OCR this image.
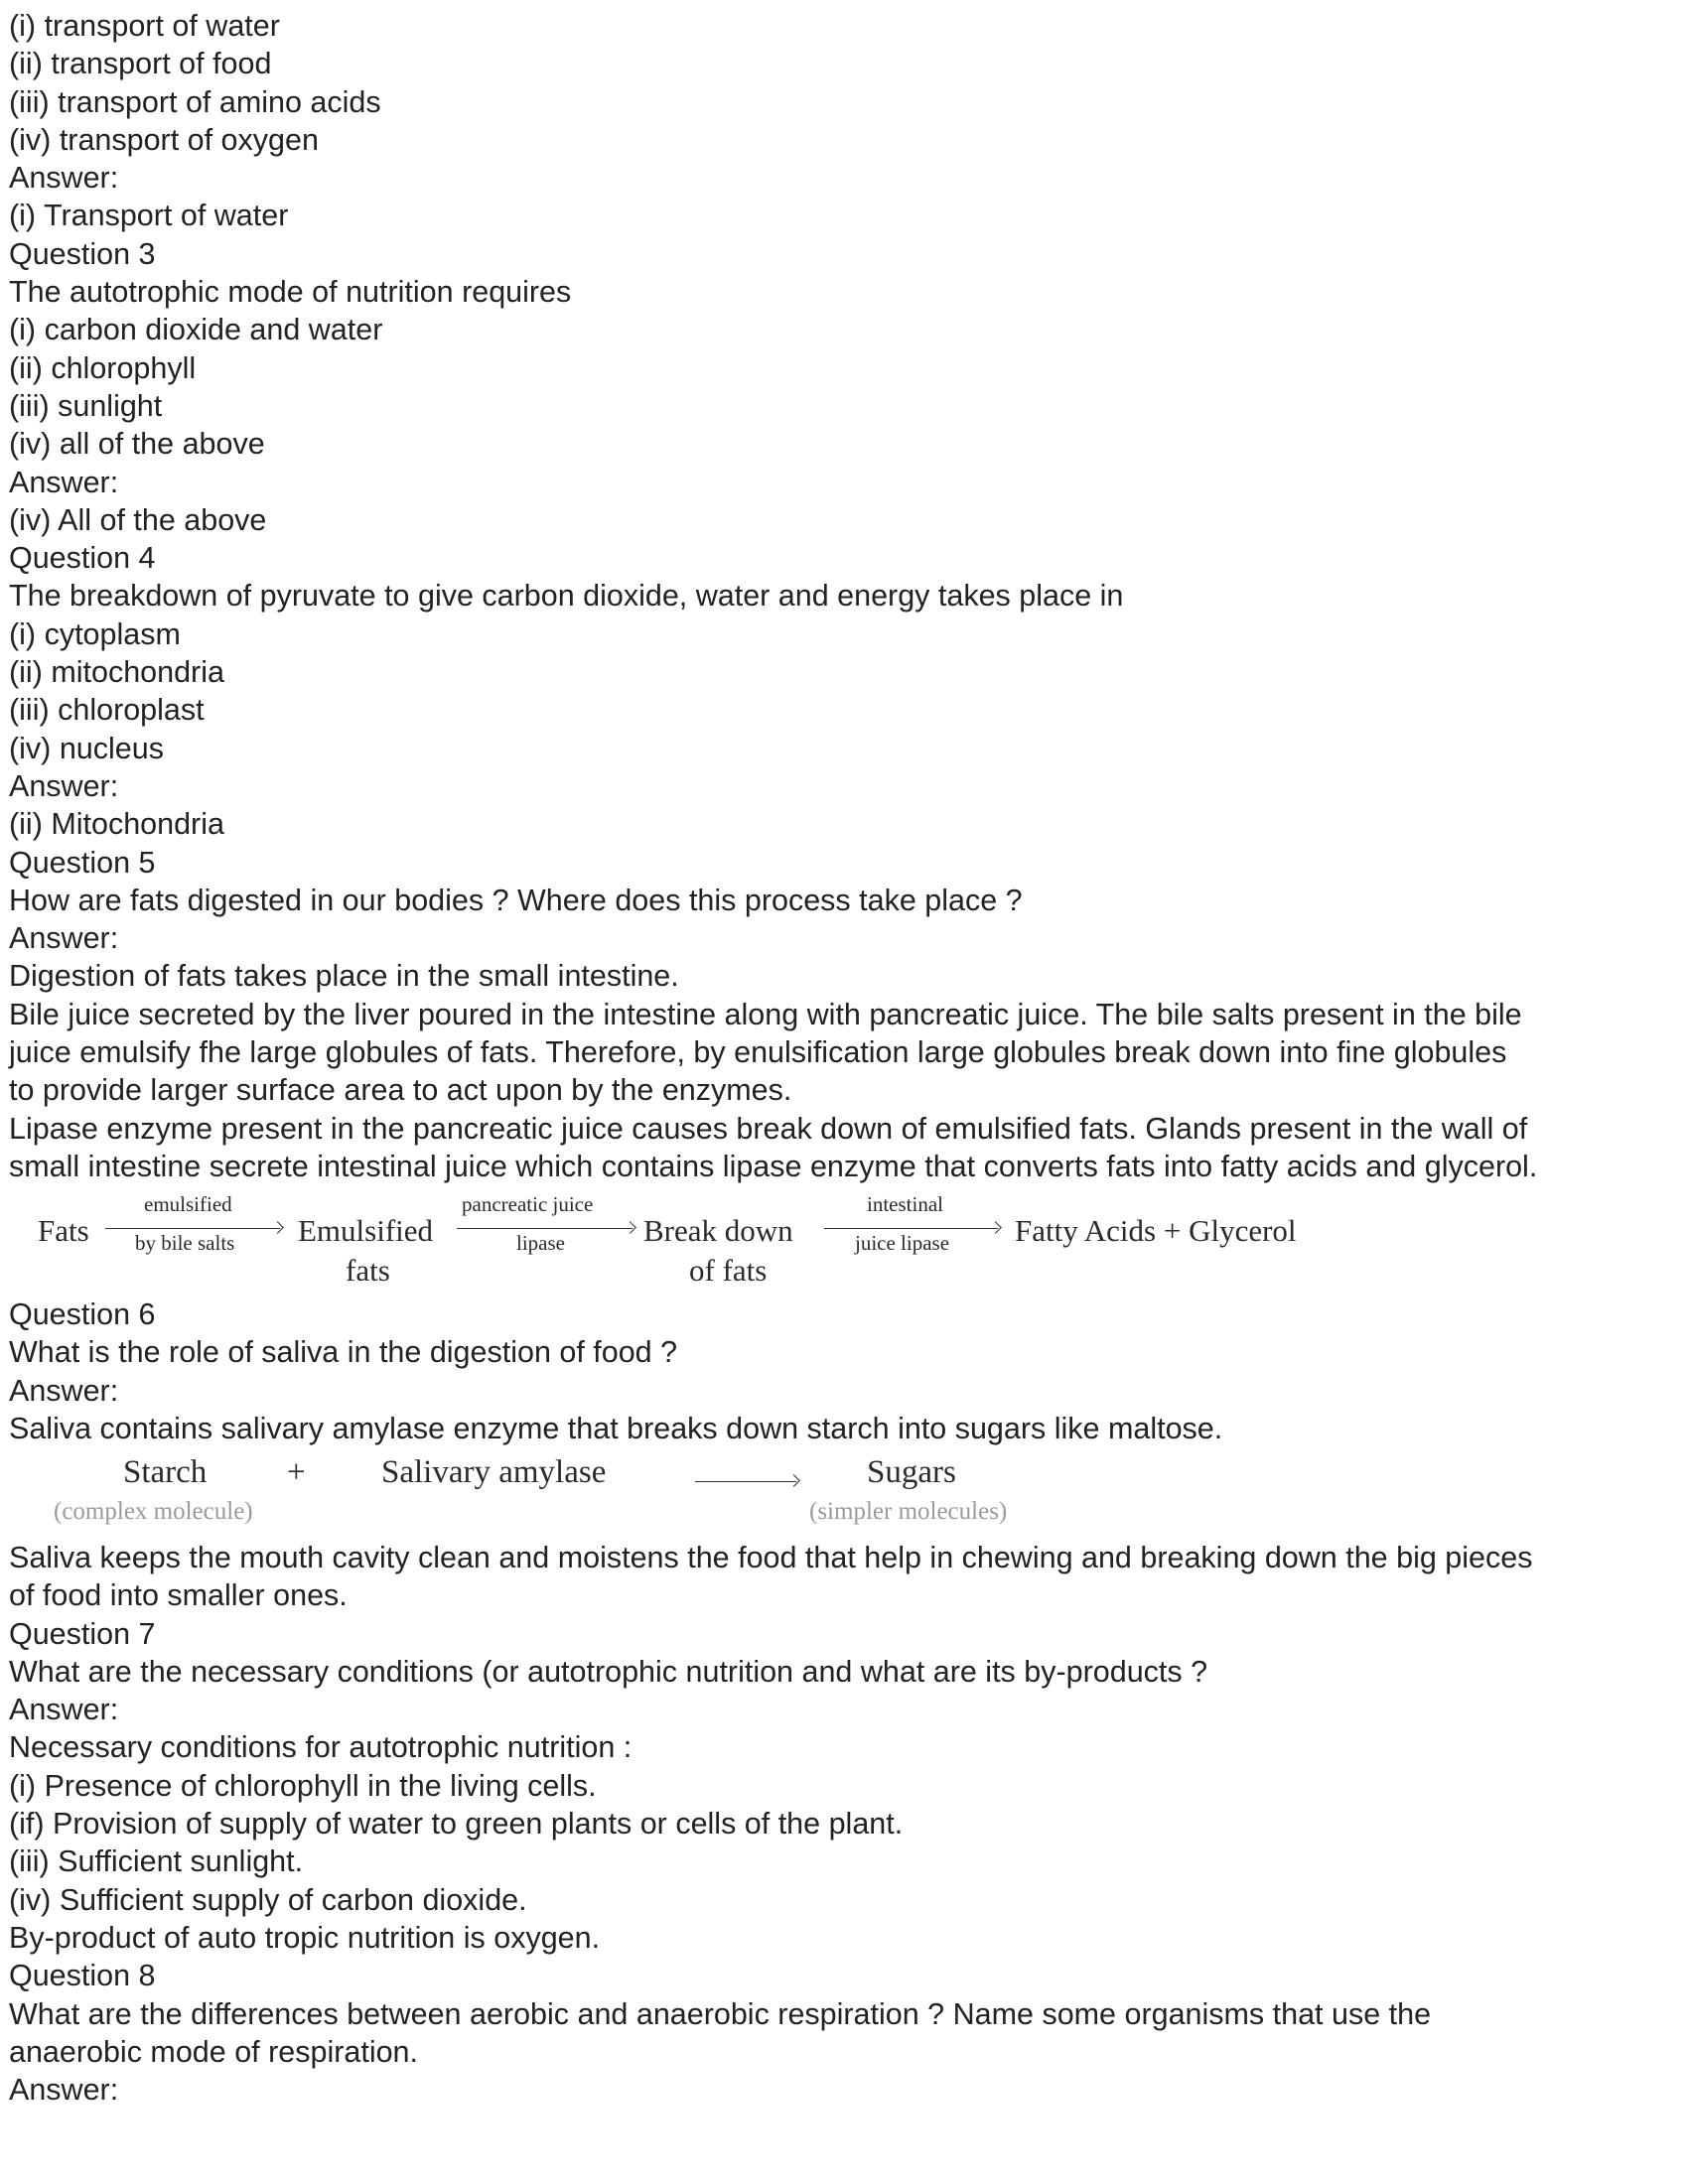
(i) transport of water
(ii) transport of food
(iii) transport of amino acids
(iv) transport of oxygen
Answer:
(i) Transport of water
Question 3
The autotrophic mode of nutrition requires
(i) carbon dioxide and water
(ii) chlorophyll
(iii) sunlight
(iv) all of the above
Answer:
(iv) All of the above
Question 4
The breakdown of pyruvate to give carbon dioxide, water and energy takes place in
(i) cytoplasm
(ii) mitochondria
(iii) chloroplast
(iv) nucleus
Answer:
(ii) Mitochondria
Question 5
How are fats digested in our bodies ? Where does this process take place ?
Answer:
Digestion of fats takes place in the small intestine.
Bile juice secreted by the liver poured in the intestine along with pancreatic juice. The bile salts present in the bile
juice emulsify fhe large globules of fats. Therefore, by enulsification large globules break down into fine globules
to provide larger surface area to act upon by the enzymes.
Lipase enzyme present in the pancreatic juice causes break down of emulsified fats. Glands present in the wall of
small intestine secrete intestinal juice which contains lipase enzyme that converts fats into fatty acids and glycerol.
Fats
emulsified
by bile salts Emulsified
fats
pancreatic juice
lipase	Break down
of fats
intestinal
juice lipase Fatty Acids + Glycerol
Question 6
What is the role of saliva in the digestion of food ?
Answer:
Saliva contains salivary amylase enzyme that breaks down starch into sugars like maltose.
Starch
(complex molecule)
+ Salivary amylase	Sugars
(simpler molecules)
Saliva keeps the mouth cavity clean and moistens the food that help in chewing and breaking down the big pieces
of food into smaller ones.
Question 7
What are the necessary conditions (or autotrophic nutrition and what are its by-products ?
Answer:
Necessary conditions for autotrophic nutrition :
(i) Presence of chlorophyll in the living cells.
(if) Provision of supply of water to green plants or cells of the plant.
(iii) Sufficient sunlight.
(iv) Sufficient supply of carbon dioxide.
By-product of auto tropic nutrition is oxygen.
Question 8
What are the differences between aerobic and anaerobic respiration ? Name some organisms that use the
anaerobic mode of respiration.
Answer:
